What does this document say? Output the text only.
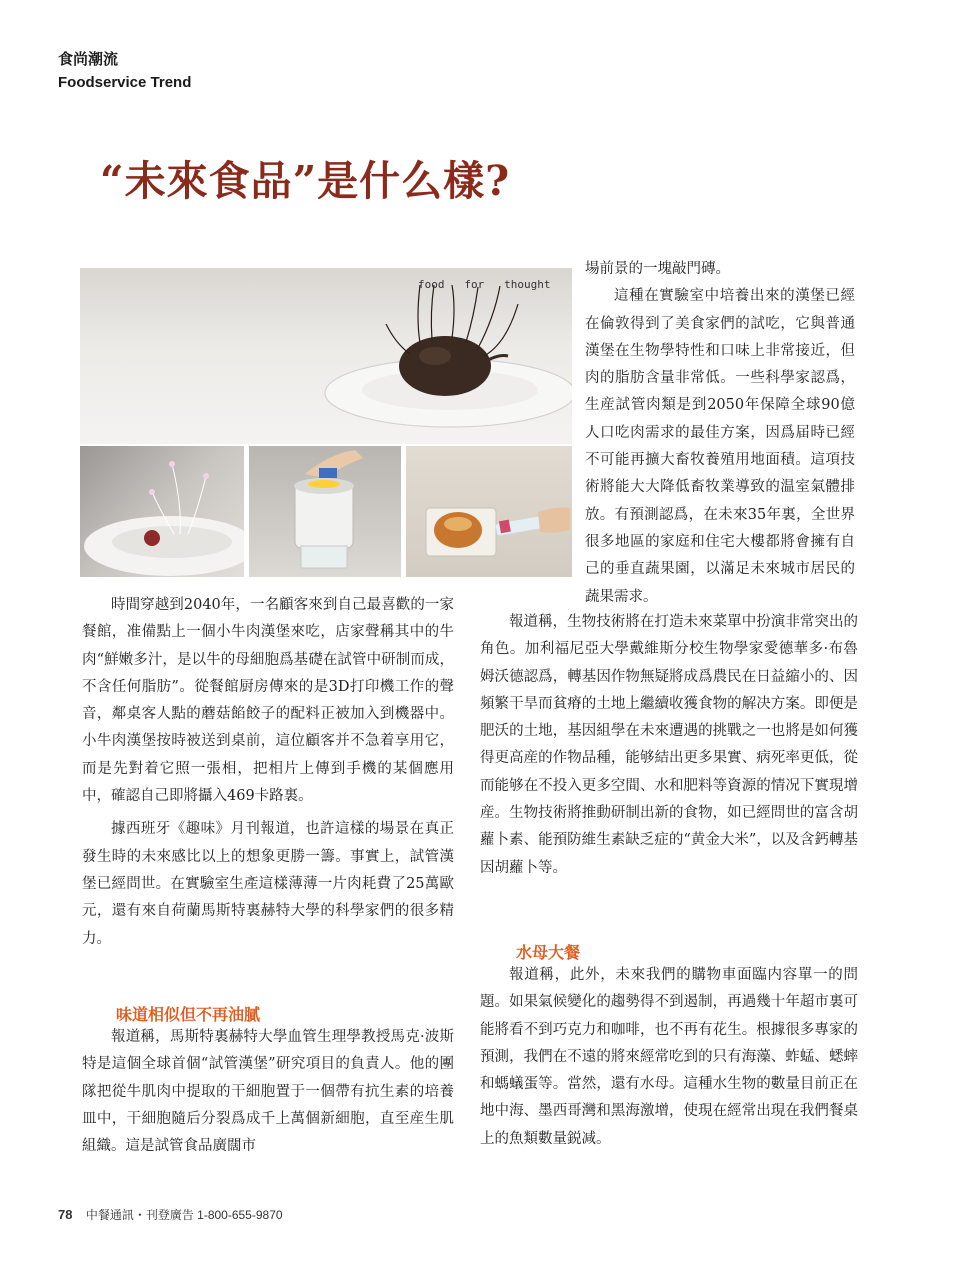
食尚潮流
Foodservice Trend
“未來食品”是什么樣?
food   for   thought

時間穿越到2040年，一名顧客來到自己最喜歡的一家餐館，准備點上一個小牛肉漢堡來吃，店家聲稱其中的牛肉“鮮嫩多汁，是以牛的母細胞爲基礎在試管中研制而成，不含任何脂肪”。從餐館厨房傳來的是3D打印機工作的聲音，鄰桌客人點的蘑菇餡餃子的配料正被加入到機器中。小牛肉漢堡按時被送到桌前，這位顧客并不急着享用它，而是先對着它照一張相，把相片上傳到手機的某個應用中，確認自己即將攝入469卡路裏。

據西班牙《趣味》月刊報道，也許這樣的場景在真正發生時的未來感比以上的想象更勝一籌。事實上，試管漢堡已經問世。在實驗室生產這樣薄薄一片肉耗費了25萬歐元，還有來自荷蘭馬斯特裏赫特大學的科學家們的很多精力。

味道相似但不再油膩

報道稱，馬斯特裏赫特大學血管生理學教授馬克·波斯特是這個全球首個“試管漢堡”研究項目的負責人。他的團隊把從牛肌肉中提取的干細胞置于一個帶有抗生素的培養皿中，干細胞隨后分裂爲成千上萬個新細胞，直至産生肌組織。這是試管食品廣闊市

場前景的一塊敲門磚。

這種在實驗室中培養出來的漢堡已經在倫敦得到了美食家們的試吃，它與普通漢堡在生物學特性和口味上非常接近，但肉的脂肪含量非常低。一些科學家認爲，生産試管肉類是到2050年保障全球90億人口吃肉需求的最佳方案，因爲届時已經不可能再擴大畜牧養殖用地面積。這項技術將能大大降低畜牧業導致的温室氣體排放。有預測認爲，在未來35年裏，全世界很多地區的家庭和住宅大樓都將會擁有自己的垂直蔬果園，以滿足未來城市居民的蔬果需求。

報道稱，生物技術將在打造未來菜單中扮演非常突出的角色。加利福尼亞大學戴維斯分校生物學家愛德華多·布魯姆沃德認爲，轉基因作物無疑將成爲農民在日益縮小的、因頻繁干旱而貧瘠的土地上繼續收獲食物的解决方案。即便是肥沃的土地，基因組學在未來遭遇的挑戰之一也將是如何獲得更高産的作物品種，能够結出更多果實、病死率更低，從而能够在不投入更多空間、水和肥料等資源的情况下實現增産。生物技術將推動研制出新的食物，如已經問世的富含胡蘿卜素、能預防維生素缺乏症的“黄金大米”，以及含鈣轉基因胡蘿卜等。

水母大餐

報道稱，此外，未來我們的購物車面臨内容單一的問題。如果氣候變化的趨勢得不到遏制，再過幾十年超市裏可能將看不到巧克力和咖啡，也不再有花生。根據很多專家的預測，我們在不遠的將來經常吃到的只有海藻、蚱蜢、蟋蟀和螞蟻蛋等。當然，還有水母。這種水生物的數量目前正在地中海、墨西哥灣和黑海激增，使現在經常出現在我們餐桌上的魚類數量鋭减。

78 中餐通訊・刊登廣告 1-800-655-9870
